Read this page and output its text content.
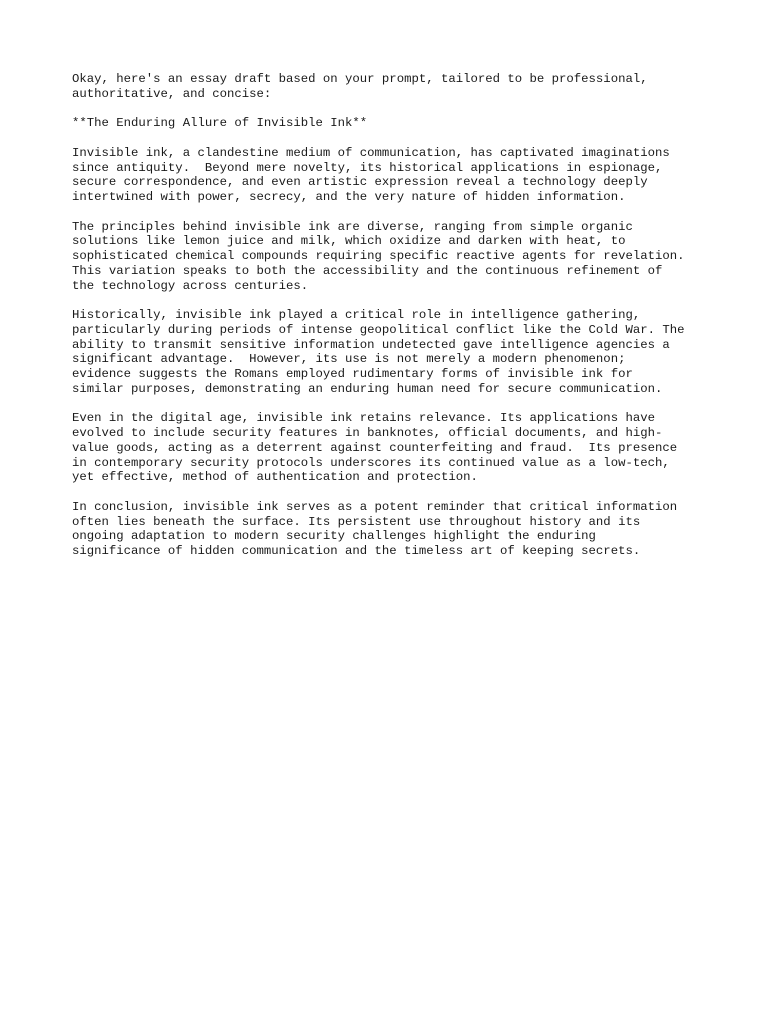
Okay, here's an essay draft based on your prompt, tailored to be professional,
authoritative, and concise:

**The Enduring Allure of Invisible Ink**

Invisible ink, a clandestine medium of communication, has captivated imaginations
since antiquity.  Beyond mere novelty, its historical applications in espionage,
secure correspondence, and even artistic expression reveal a technology deeply
intertwined with power, secrecy, and the very nature of hidden information.

The principles behind invisible ink are diverse, ranging from simple organic
solutions like lemon juice and milk, which oxidize and darken with heat, to
sophisticated chemical compounds requiring specific reactive agents for revelation.
This variation speaks to both the accessibility and the continuous refinement of
the technology across centuries.

Historically, invisible ink played a critical role in intelligence gathering,
particularly during periods of intense geopolitical conflict like the Cold War. The
ability to transmit sensitive information undetected gave intelligence agencies a
significant advantage.  However, its use is not merely a modern phenomenon;
evidence suggests the Romans employed rudimentary forms of invisible ink for
similar purposes, demonstrating an enduring human need for secure communication.

Even in the digital age, invisible ink retains relevance. Its applications have
evolved to include security features in banknotes, official documents, and high-
value goods, acting as a deterrent against counterfeiting and fraud.  Its presence
in contemporary security protocols underscores its continued value as a low-tech,
yet effective, method of authentication and protection.

In conclusion, invisible ink serves as a potent reminder that critical information
often lies beneath the surface. Its persistent use throughout history and its
ongoing adaptation to modern security challenges highlight the enduring
significance of hidden communication and the timeless art of keeping secrets.
